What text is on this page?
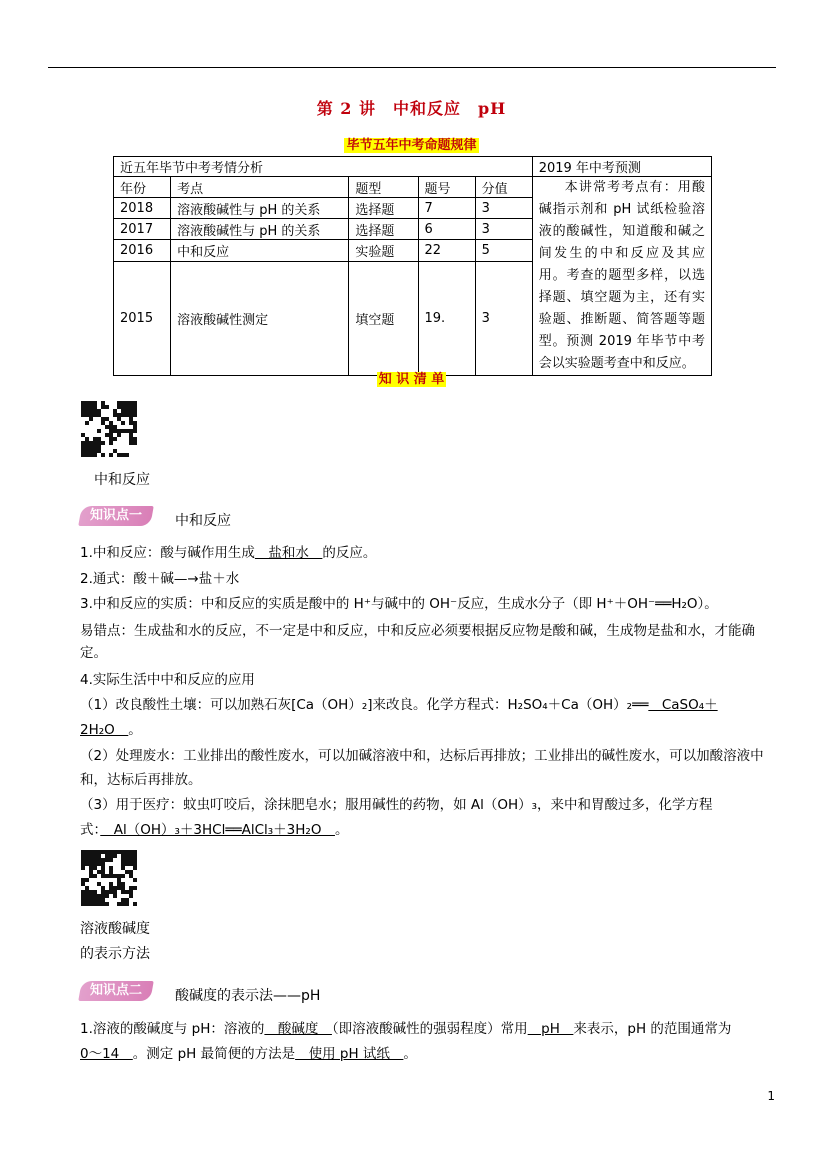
第 2 讲　中和反应　pH
毕节五年中考命题规律
近五年毕节中考考情分析					2019 年中考预测
年份	考点	题型	题号	分值	本讲常考考点有：用酸碱指示剂和 pH 试纸检验溶液的酸碱性，知道酸和碱之间发生的中和反应及其应用。考查的题型多样，以选择题、填空题为主，还有实验题、推断题、简答题等题型。预测 2019 年毕节中考会以实验题考查中和反应。
2018	溶液酸碱性与 pH 的关系	选择题	7	3	
2017	溶液酸碱性与 pH 的关系	选择题	6	3	
2016	中和反应	实验题	22	5	
2015	溶液酸碱性测定	填空题	19.	3	
知 识 清 单
中和反应
知识点一	中和反应
1.中和反应：酸与碱作用生成　盐和水　的反应。
2.通式：酸＋碱—→盐＋水
3.中和反应的实质：中和反应的实质是酸中的 H⁺与碱中的 OH⁻反应，生成水分子（即 H⁺＋OH⁻══H₂O）。
易错点：生成盐和水的反应，不一定是中和反应，中和反应必须要根据反应物是酸和碱，生成物是盐和水，才能确定。
4.实际生活中中和反应的应用
（1）改良酸性土壤：可以加熟石灰[Ca（OH）₂]来改良。化学方程式：H₂SO₄＋Ca（OH）₂══　CaSO₄＋
2H₂O　。
（2）处理废水：工业排出的酸性废水，可以加碱溶液中和，达标后再排放；工业排出的碱性废水，可以加酸溶液中和，达标后再排放。
（3）用于医疗：蚊虫叮咬后，涂抹肥皂水；服用碱性的药物，如 Al（OH）₃，来中和胃酸过多，化学方程
式：　Al（OH）₃＋3HCl══AlCl₃＋3H₂O　。
溶液酸碱度
的表示方法
知识点二	酸碱度的表示法——pH
1.溶液的酸碱度与 pH：溶液的　酸碱度　（即溶液酸碱性的强弱程度）常用　pH　来表示，pH 的范围通常为
0～14　。测定 pH 最简便的方法是　使用 pH 试纸　。
1
